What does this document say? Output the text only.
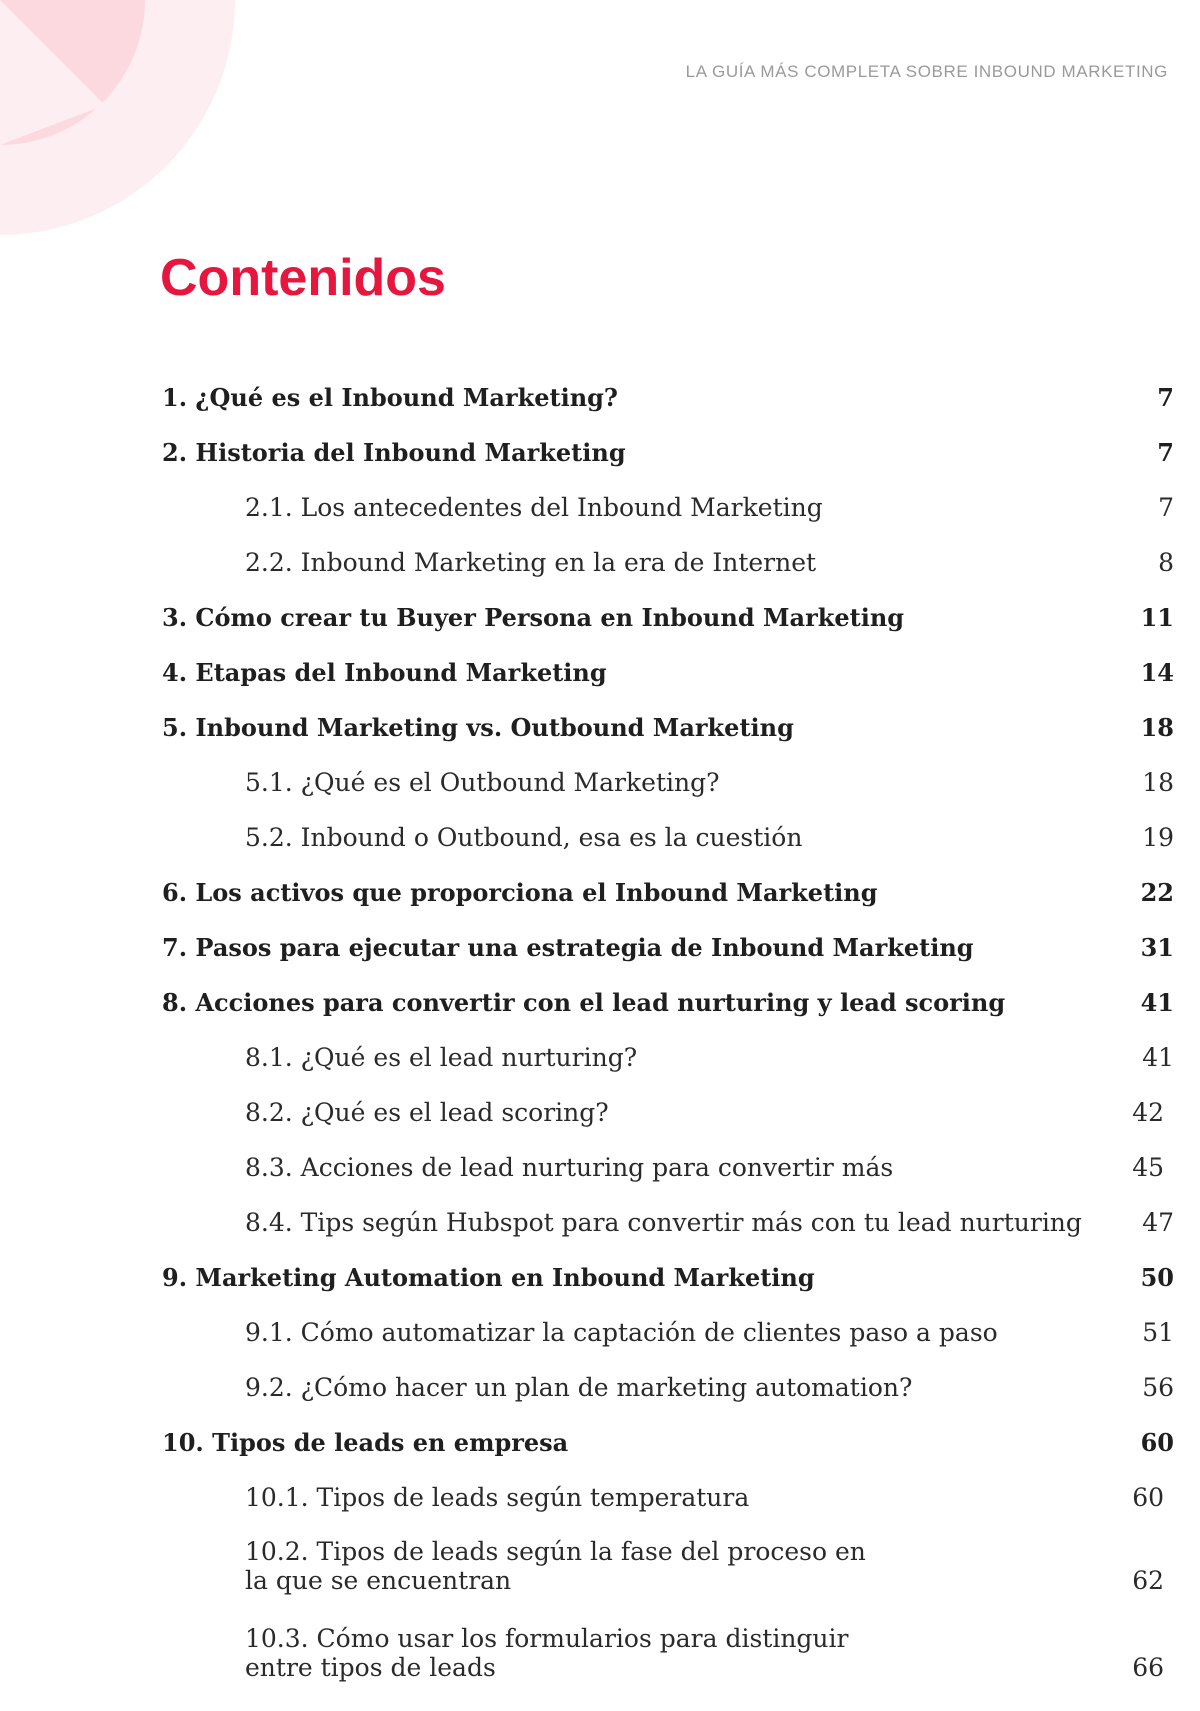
LA GUÍA MÁS COMPLETA SOBRE INBOUND MARKETING
Contenidos
1. ¿Qué es el Inbound Marketing?	7
2. Historia del Inbound Marketing	7
2.1. Los antecedentes del Inbound Marketing	7
2.2. Inbound Marketing en la era de Internet	8
3. Cómo crear tu Buyer Persona en Inbound Marketing	11
4. Etapas del Inbound Marketing	14
5. Inbound Marketing vs. Outbound Marketing	18
5.1. ¿Qué es el Outbound Marketing?	18
5.2. Inbound o Outbound, esa es la cuestión	19
6. Los activos que proporciona el Inbound Marketing	22
7. Pasos para ejecutar una estrategia de Inbound Marketing	31
8. Acciones para convertir con el lead nurturing y lead scoring	41
8.1. ¿Qué es el lead nurturing?	41
8.2. ¿Qué es el lead scoring?	42
8.3. Acciones de lead nurturing para convertir más	45
8.4. Tips según Hubspot para convertir más con tu lead nurturing 47
9. Marketing Automation en Inbound Marketing	50
9.1. Cómo automatizar la captación de clientes paso a paso	51
9.2. ¿Cómo hacer un plan de marketing automation?	56
10. Tipos de leads en empresa	60
10.1. Tipos de leads según temperatura	60
10.2. Tipos de leads según la fase del proceso en la que se encuentran	62
10.3. Cómo usar los formularios para distinguir entre tipos de leads	66
